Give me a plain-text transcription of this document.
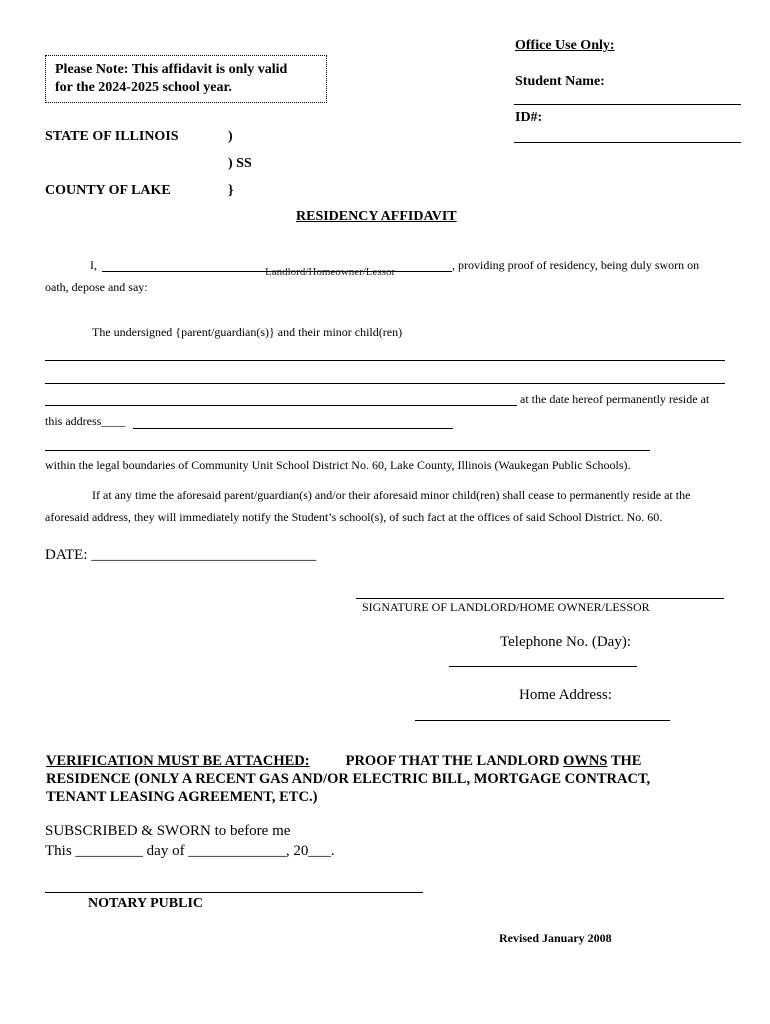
Office Use Only:
Student Name:
ID#:
Please Note: This affidavit is only valid
for the 2024-2025 school year.
STATE OF ILLINOIS	)
) SS
COUNTY OF LAKE	}
RESIDENCY AFFIDAVIT
I,	Landlord/Homeowner/Lessor	, providing proof of residency, being duly sworn on
oath, depose and say:
The undersigned {parent/guardian(s)} and their minor child(ren)
at the date hereof permanently reside at
this address____
within the legal boundaries of Community Unit School District No. 60, Lake County, Illinois (Waukegan Public Schools).
If at any time the aforesaid parent/guardian(s) and/or their aforesaid minor child(ren) shall cease to permanently reside at the
aforesaid address, they will immediately notify the Student’s school(s), of such fact at the offices of said School District. No. 60.
DATE: ______________________________
SIGNATURE OF LANDLORD/HOME OWNER/LESSOR
Telephone No. (Day):
Home Address:
VERIFICATION MUST BE ATTACHED: PROOF THAT THE LANDLORD OWNS THE
RESIDENCE (ONLY A RECENT GAS AND/OR ELECTRIC BILL, MORTGAGE CONTRACT,
TENANT LEASING AGREEMENT, ETC.)
SUBSCRIBED & SWORN to before me
This _________ day of _____________, 20___.
NOTARY PUBLIC
Revised January 2008
